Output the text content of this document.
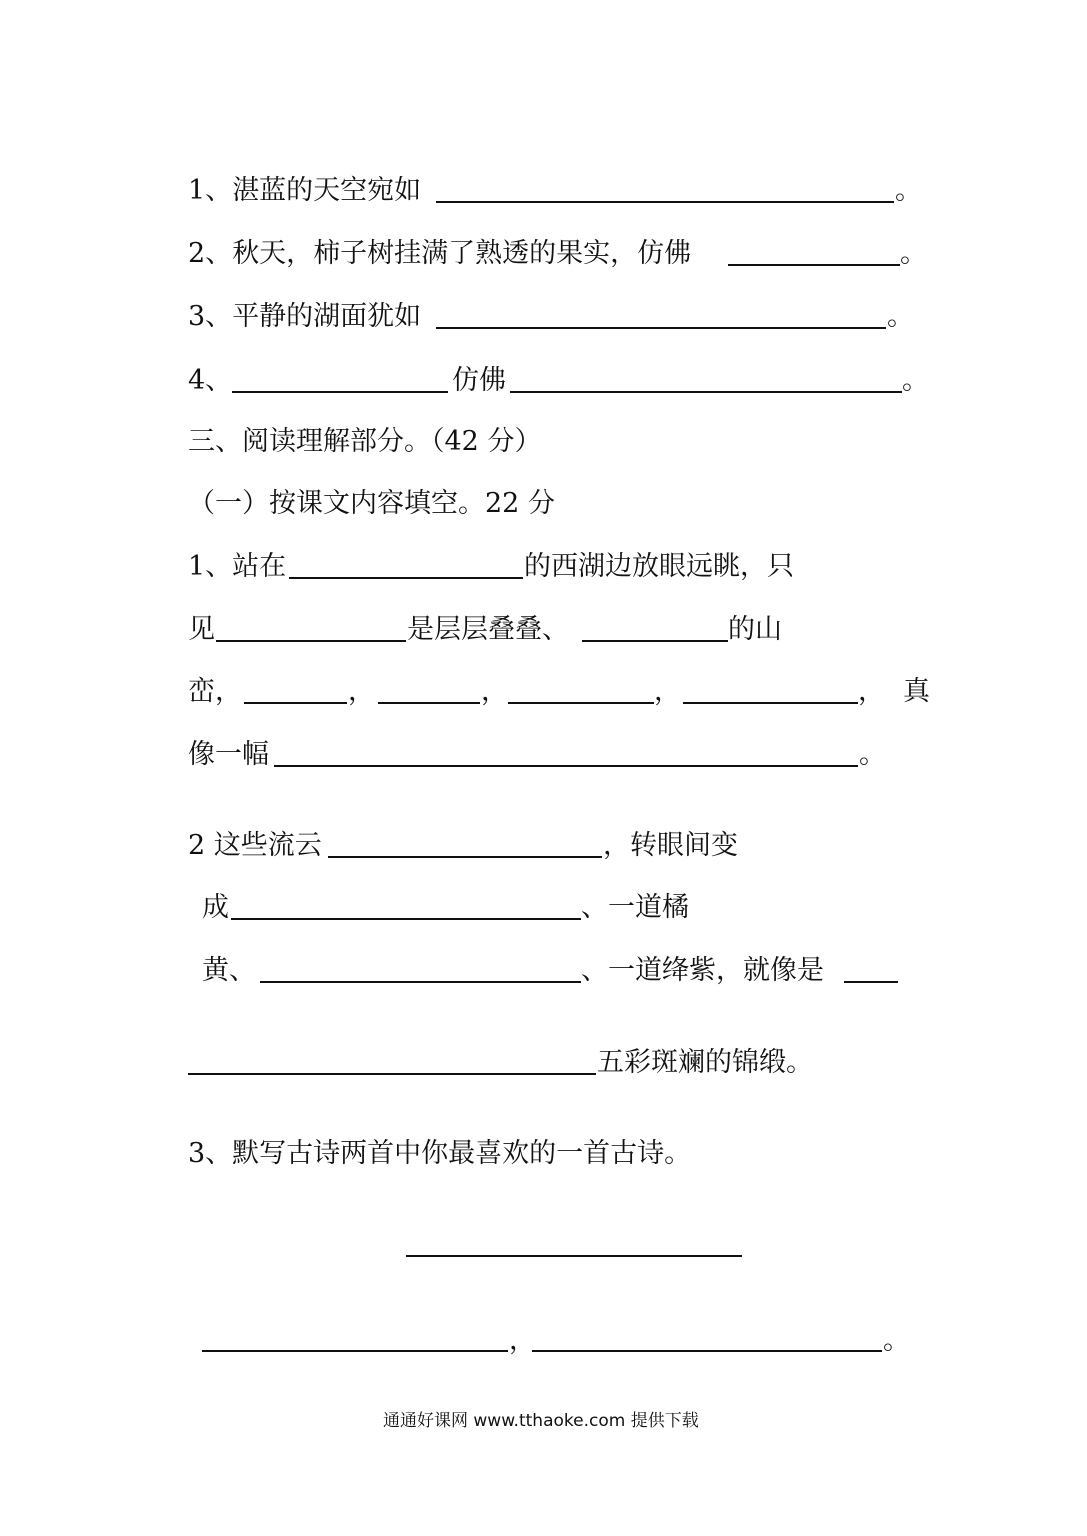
1、湛蓝的天空宛如	。
2、秋天，柿子树挂满了熟透的果实，仿佛	。
3、平静的湖面犹如	。
4、	仿佛	。
三、阅读理解部分。（42 分）
（一）按课文内容填空。22 分
1、站在	的西湖边放眼远眺，只
见	是层层叠叠、	的山
峦，	，	，	，	， 真
像一幅	。
2 这些流云	，转眼间变
成	、一道橘
黄、	、一道绛紫，就像是
五彩斑斓的锦缎。
3、默写古诗两首中你最喜欢的一首古诗。
，	。
通通好课网 www.tthaoke.com 提供下载
